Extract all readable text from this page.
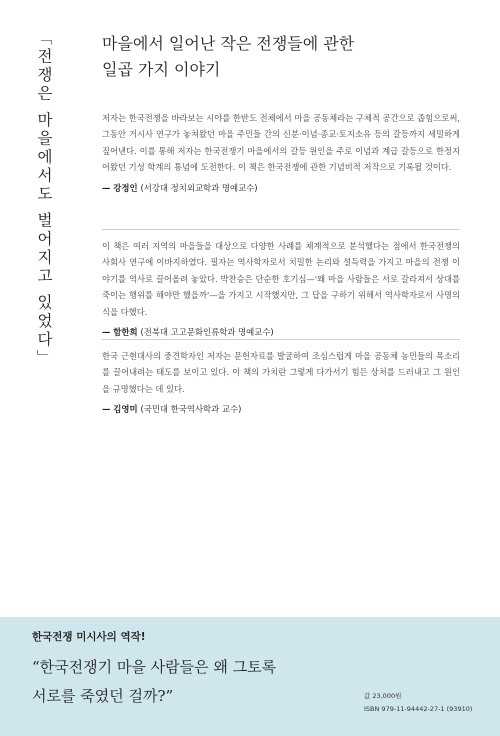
「전쟁은 마을에서도 벌어지고 있었다」
마을에서 일어난 작은 전쟁들에 관한
일곱 가지 이야기

저자는 한국전쟁을 바라보는 시야를 한반도 전체에서 마을 공동체라는 구체적 공간으로 좁힘으로써, 그동안 거시사 연구가 놓쳐왔던 마을 주민들 간의 신분·이념·종교·토지소유 등의 갈등까지 세밀하게 짚어낸다. 이를 통해 저자는 한국전쟁기 마을에서의 갈등 원인을 주로 이념과 계급 갈등으로 한정지어왔던 기성 학계의 통념에 도전한다. 이 책은 한국전쟁에 관한 기념비적 저작으로 기록될 것이다.

— 강정인 (서강대 정치외교학과 명예교수)

이 책은 여러 지역의 마을들을 대상으로 다양한 사례를 체계적으로 분석했다는 점에서 한국전쟁의 사회사 연구에 이바지하였다. 필자는 역사학자로서 치밀한 논리와 설득력을 가지고 마을의 전쟁 이야기를 역사로 끌어올려 놓았다. 박찬승은 단순한 호기심—'왜 마을 사람들은 서로 갈라져서 상대를 죽이는 행위를 해야만 했을까'—을 가지고 시작했지만, 그 답을 구하기 위해서 역사학자로서 사명의식을 다했다.

— 함한희 (전북대 고고문화인류학과 명예교수)

한국 근현대사의 중견학자인 저자는 문헌자료를 발굴하여 조심스럽게 마을 공동체 농민들의 목소리를 끌어내려는 태도를 보이고 있다. 이 책의 가치란 그렇게 다가서기 힘든 상처를 드러내고 그 원인을 규명했다는 데 있다.

— 김영미 (국민대 한국역사학과 교수)
한국전쟁 미시사의 역작!
“한국전쟁기 마을 사람들은 왜 그토록
서로를 죽였던 걸까?”	값 23,000원
ISBN 979-11-94442-27-1 (93910)
